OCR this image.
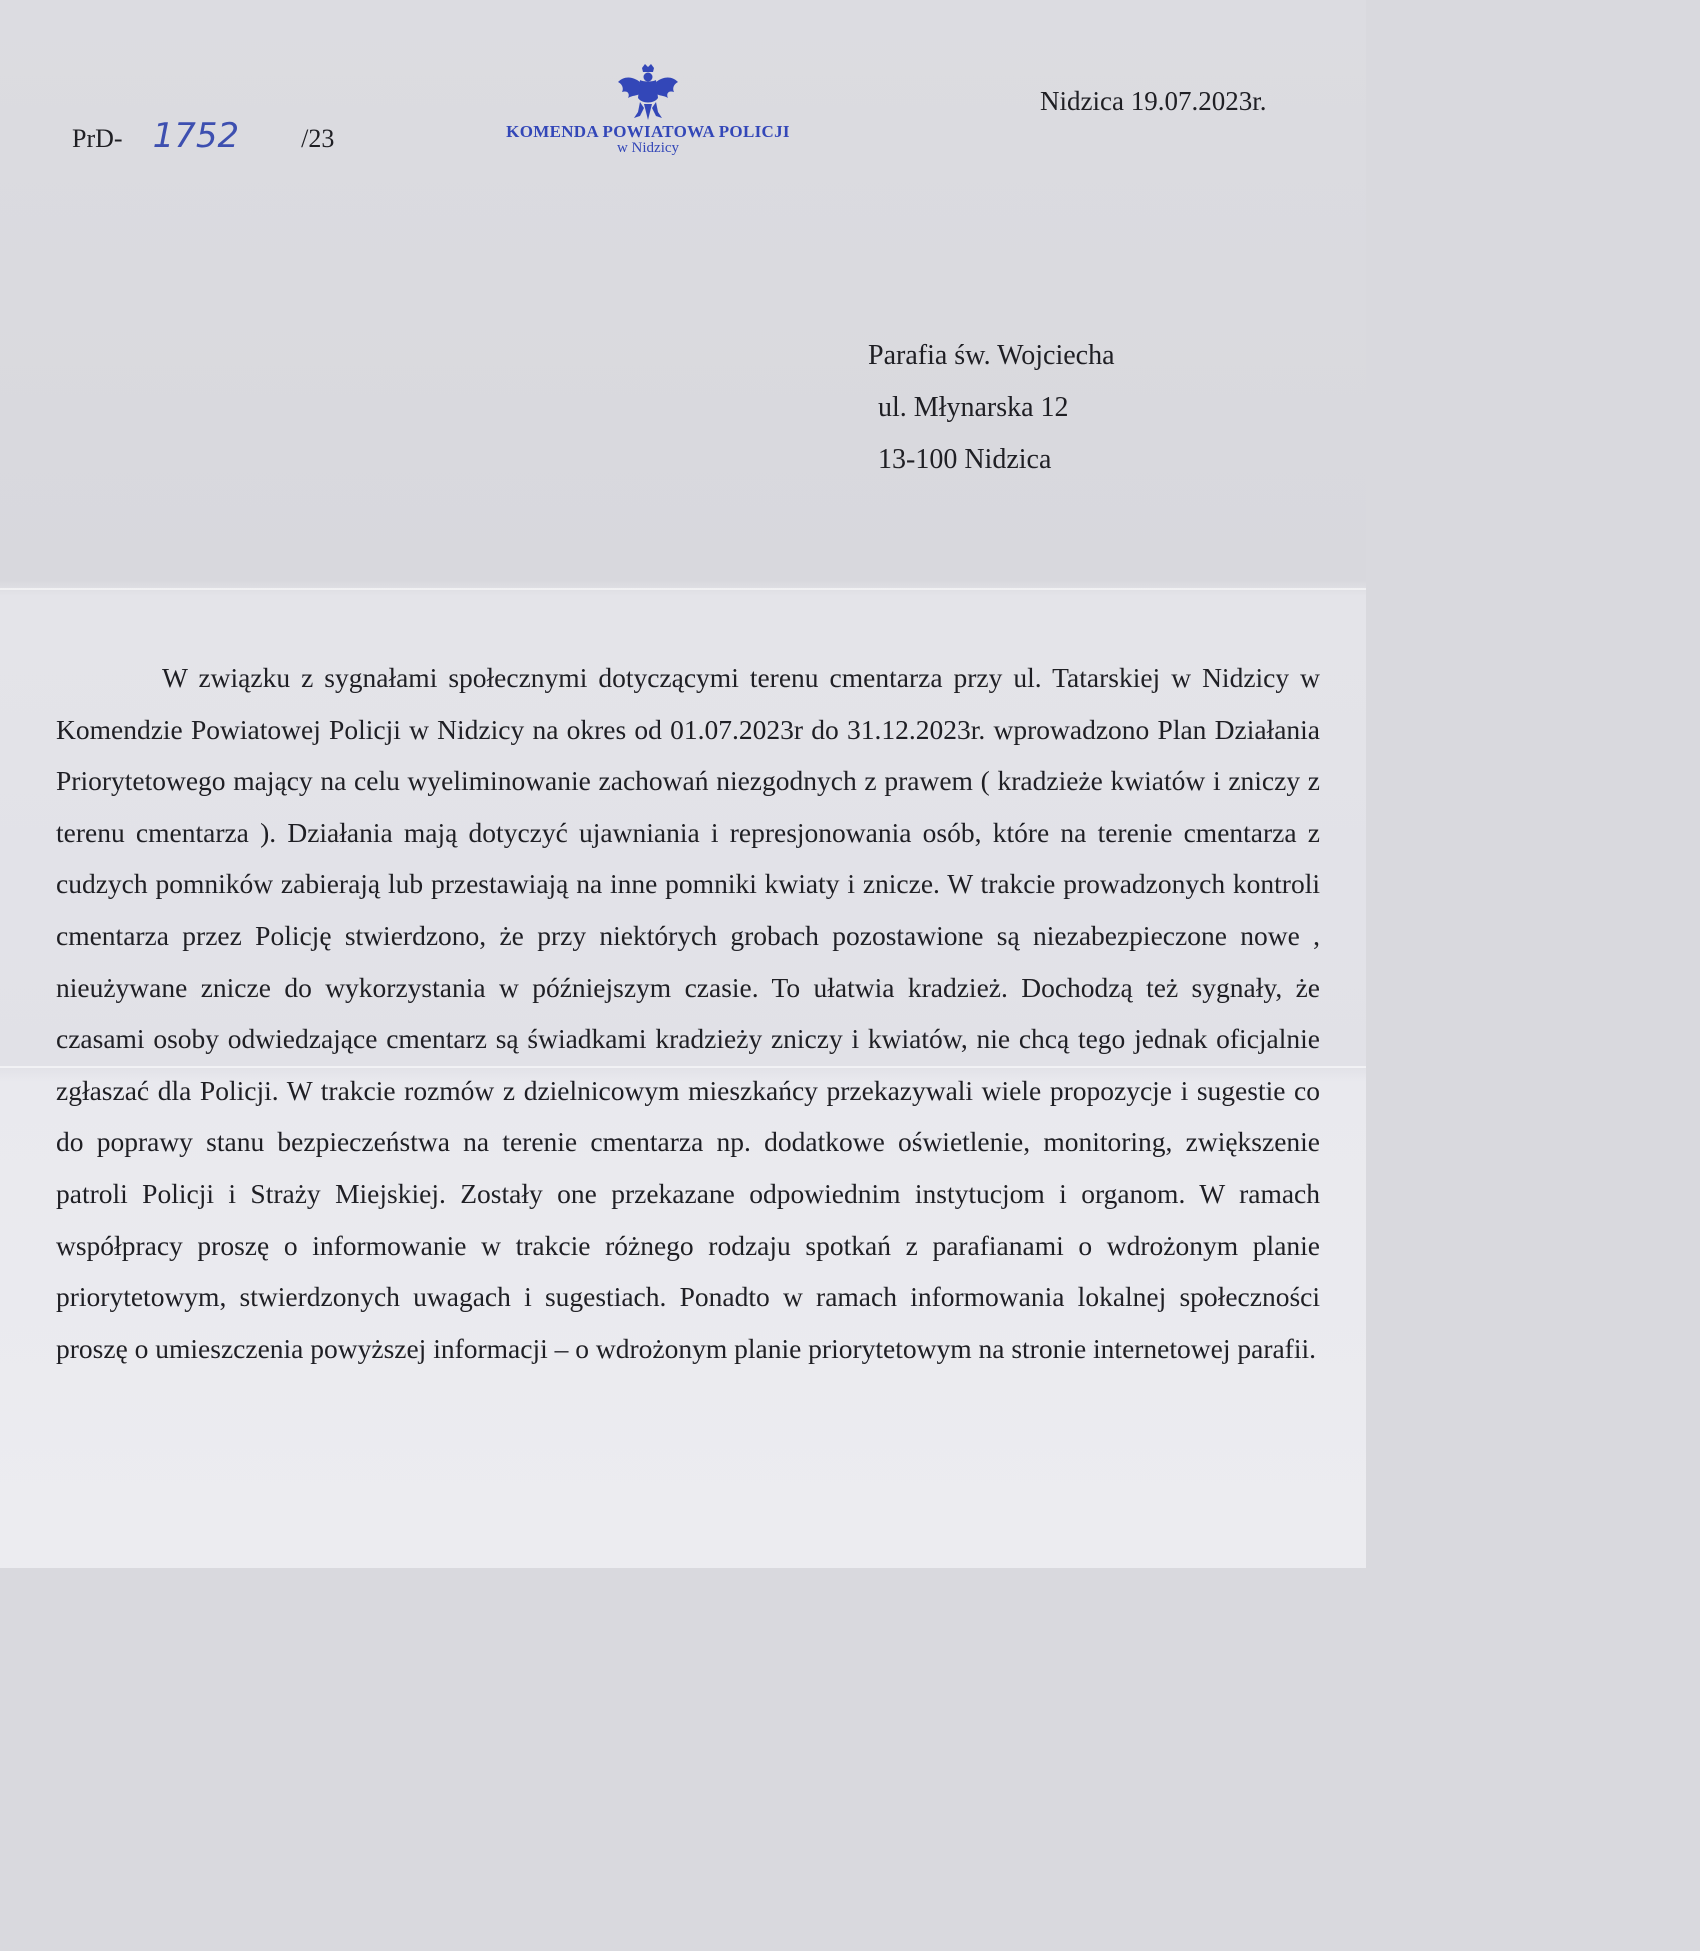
PrD- 1752 /23	KOMENDA POWIATOWA POLICJI
w Nidzicy
Nidzica 19.07.2023r.
Parafia św. Wojciecha
ul. Młynarska 12
13-100 Nidzica

W związku z sygnałami społecznymi dotyczącymi terenu cmentarza przy ul. Tatarskiej w Nidzicy w Komendzie Powiatowej Policji w Nidzicy na okres od 01.07.2023r do 31.12.2023r. wprowadzono Plan Działania Priorytetowego mający na celu wyeliminowanie zachowań niezgodnych z prawem ( kradzieże kwiatów i zniczy z terenu cmentarza ). Działania mają dotyczyć ujawniania i represjonowania osób, które na terenie cmentarza z cudzych pomników zabierają lub przestawiają na inne pomniki kwiaty i znicze. W trakcie prowadzonych kontroli cmentarza przez Policję stwierdzono, że przy niektórych grobach pozostawione są niezabezpieczone nowe , nieużywane znicze do wykorzystania w późniejszym czasie. To ułatwia kradzież. Dochodzą też sygnały, że czasami osoby odwiedzające cmentarz są świadkami kradzieży zniczy i kwiatów, nie chcą tego jednak oficjalnie zgłaszać dla Policji. W trakcie rozmów z dzielnicowym mieszkańcy przekazywali wiele propozycje i sugestie co do poprawy stanu bezpieczeństwa na terenie cmentarza np. dodatkowe oświetlenie, monitoring, zwiększenie patroli Policji i Straży Miejskiej. Zostały one przekazane odpowiednim instytucjom i organom. W ramach współpracy proszę o informowanie w trakcie różnego rodzaju spotkań z parafianami o wdrożonym planie priorytetowym, stwierdzonych uwagach i sugestiach. Ponadto w ramach informowania lokalnej społeczności proszę o umieszczenia powyższej informacji – o wdrożonym planie priorytetowym na stronie internetowej parafii.
